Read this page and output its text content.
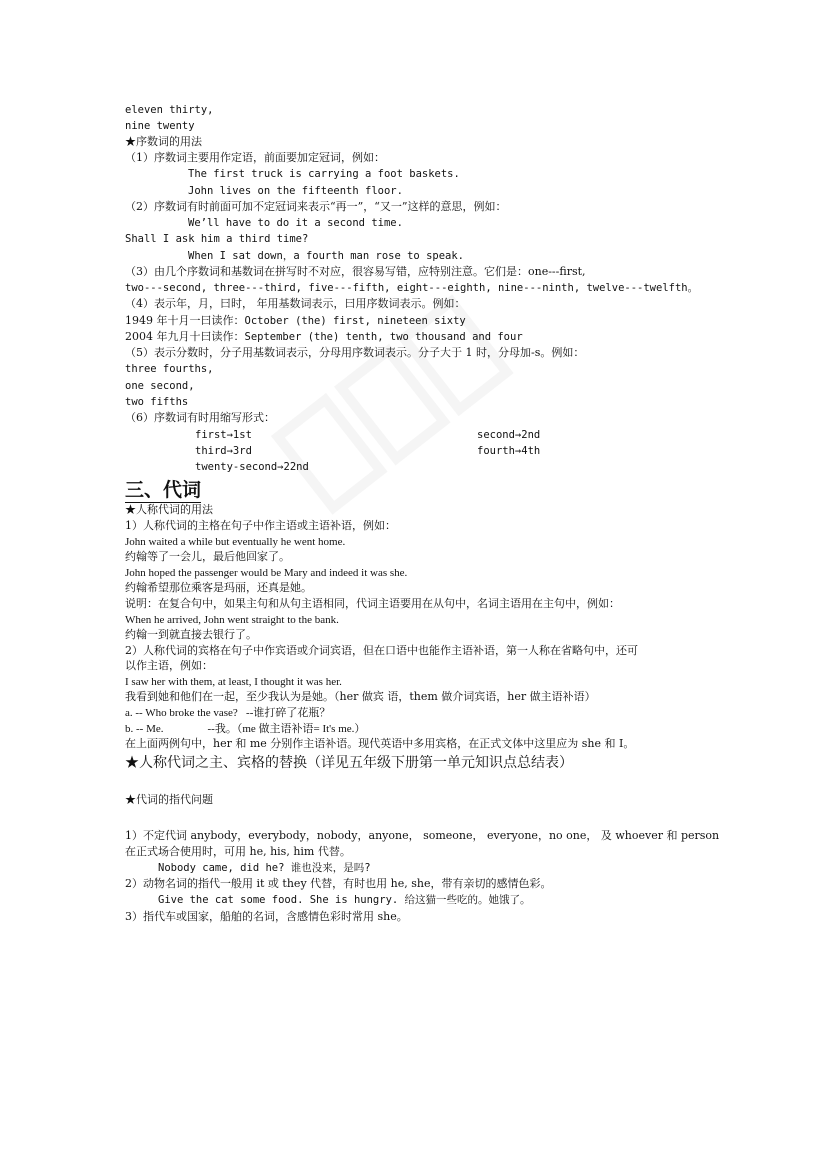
eleven thirty,
nine twenty
★序数词的用法
（1）序数词主要用作定语，前面要加定冠词，例如：
The first truck is carrying a foot baskets.
John lives on the fifteenth floor.
（2）序数词有时前面可加不定冠词来表示“再一”，“又一”这样的意思，例如：
We’ll have to do it a second time.
Shall I ask him a third time?
When I sat down，a fourth man rose to speak.
（3）由几个序数词和基数词在拼写时不对应，很容易写错，应特别注意。它们是：one---first,
two---second, three---third, five---fifth, eight---eighth, nine---ninth, twelve---twelfth。
（4）表示年，月，曰时， 年用基数词表示，曰用序数词表示。例如：
1949 年十月一曰读作：October (the) first, nineteen sixty
2004 年九月十曰读作：September (the) tenth, two thousand and four
（5）表示分数时，分子用基数词表示，分母用序数词表示。分子大于 1 时，分母加-s。例如：
three fourths,
one second,
two fifths
（6）序数词有时用缩写形式：
first→1st	second→2nd
third→3rd	fourth→4th
twenty-second→22nd
三、代词
★人称代词的用法
1）人称代词的主格在句子中作主语或主语补语，例如：
John waited a while but eventually he went home.
约翰等了一会儿，最后他回家了。
John hoped the passenger would be Mary and indeed it was she.
约翰希望那位乘客是玛丽，还真是她。
说明：在复合句中，如果主句和从句主语相同，代词主语要用在从句中，名词主语用在主句中，例如：
When he arrived, John went straight to the bank.
约翰一到就直接去银行了。
2）人称代词的宾格在句子中作宾语或介词宾语，但在口语中也能作主语补语，第一人称在省略句中，还可
以作主语，例如：
I saw her with them, at least, I thought it was her.
我看到她和他们在一起，至少我认为是她。（her 做宾 语，them 做介词宾语，her 做主语补语）
a. -- Who broke the vase?   --谁打碎了花瓶？
b. -- Me.                --我。（me 做主语补语= It's me.）
在上面两例句中，her 和 me 分别作主语补语。现代英语中多用宾格，在正式文体中这里应为 she 和 I。
★人称代词之主、宾格的替换（详见五年级下册第一单元知识点总结表）
★代词的指代问题
1）不定代词 anybody，everybody，nobody，anyone， someone， everyone，no one， 及 whoever 和 person
在正式场合使用时，可用 he, his, him 代替。
Nobody came, did he? 谁也没来，是吗?
2）动物名词的指代一般用 it 或 they 代替，有时也用 he, she，带有亲切的感情色彩。
Give the cat some food. She is hungry. 给这猫一些吃的。她饿了。
3）指代车或国家，船舶的名词，含感情色彩时常用 she。
